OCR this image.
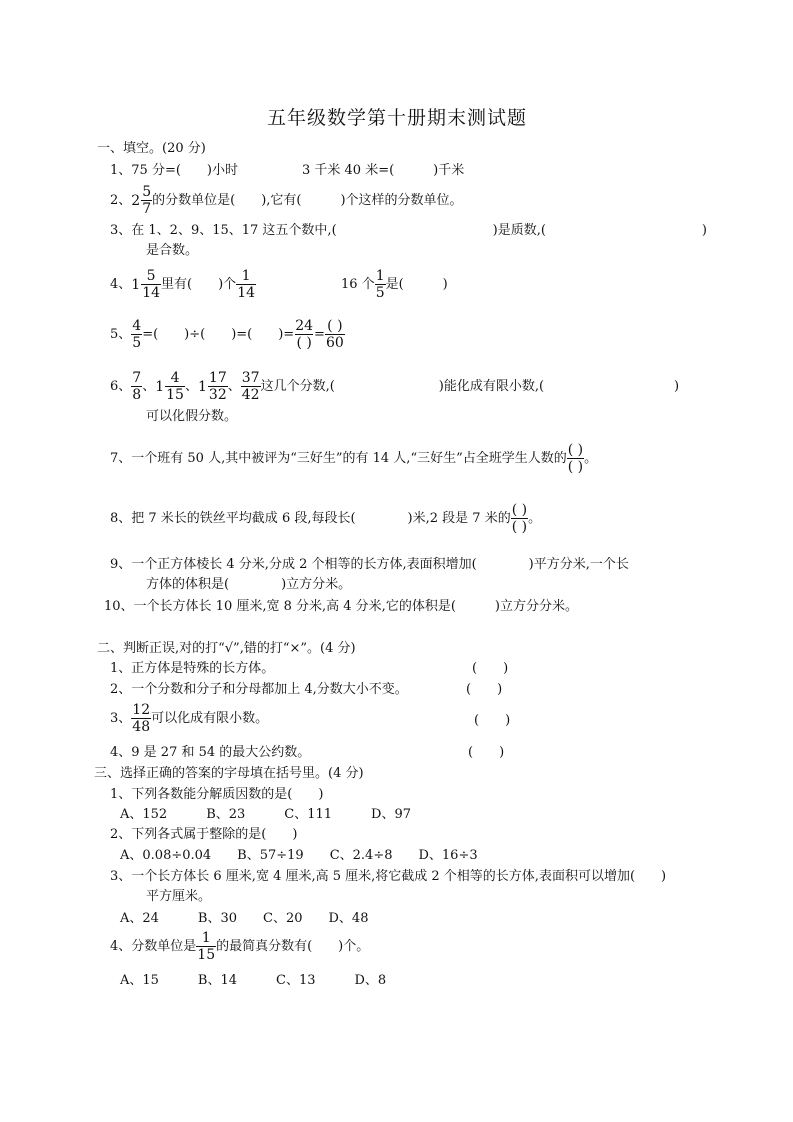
五年级数学第十册期末测试题
一、填空。(20 分)
1、75 分=(　　)小时	3 千米 40 米=(　　　)千米
2、 $2 \frac{5}{7}$ 的分数单位是(　　),它有(　　　)个这样的分数单位。
3、在 1、2、9、15、17 这五个数中,(　　　　　　　　　　　　)是质数,(　　　　　　　　　　　　)
是合数。
4、 $1 \frac{5}{14}$ 里有(　　)个 $\frac{1}{14}$	16 个 $\frac{1}{5}$ 是(　　　)
5、 $\frac{4}{5}$ =(　　)÷(　　)=(　　)= $\frac{24}{( )} = \frac{( )}{60}$
6、 $\frac{7}{8}$ 、 $1 \frac{4}{15}$ 、 $1 \frac{17}{32}$ 、 $\frac{37}{42}$ 这几个分数,(　　　　　　　　)能化成有限小数,(　　　　　　　　　　)
可以化假分数。
7、一个班有 50 人,其中被评为“三好生”的有 14 人,“三好生”占全班学生人数的 $\frac{( )}{( )}$ 。
8、把 7 米长的铁丝平均截成 6 段,每段长(　　　　)米,2 段是 7 米的 $\frac{( )}{( )}$ 。
9、一个正方体棱长 4 分米,分成 2 个相等的长方体,表面积增加(　　　　)平方分米,一个长
方体的体积是(　　　　)立方分米。
10、一个长方体长 10 厘米,宽 8 分米,高 4 分米,它的体积是(　　　)立方分分米。
二、判断正误,对的打“√”,错的打“×”。(4 分)
1、正方体是特殊的长方体。	(　　)
2、一个分数和分子和分母都加上 4,分数大小不变。	(　　)
3、 $\frac{12}{48}$ 可以化成有限小数。	(　　)
4、9 是 27 和 54 的最大公约数。	(　　)
三、选择正确的答案的字母填在括号里。(4 分)
1、下列各数能分解质因数的是(　　)
A、152　　　B、23　　　C、111　　　D、97
2、下列各式属于整除的是(　　)
A、0.08÷0.04　　B、57÷19　　C、2.4÷8　　D、16÷3
3、一个长方体长 6 厘米,宽 4 厘米,高 5 厘米,将它截成 2 个相等的长方体,表面积可以增加(　　)
平方厘米。
A、24　　　B、30　　C、20　　D、48
4、分数单位是 $\frac{1}{15}$ 的最简真分数有(　　)个。
A、15　　　B、14　　　C、13　　　D、8
